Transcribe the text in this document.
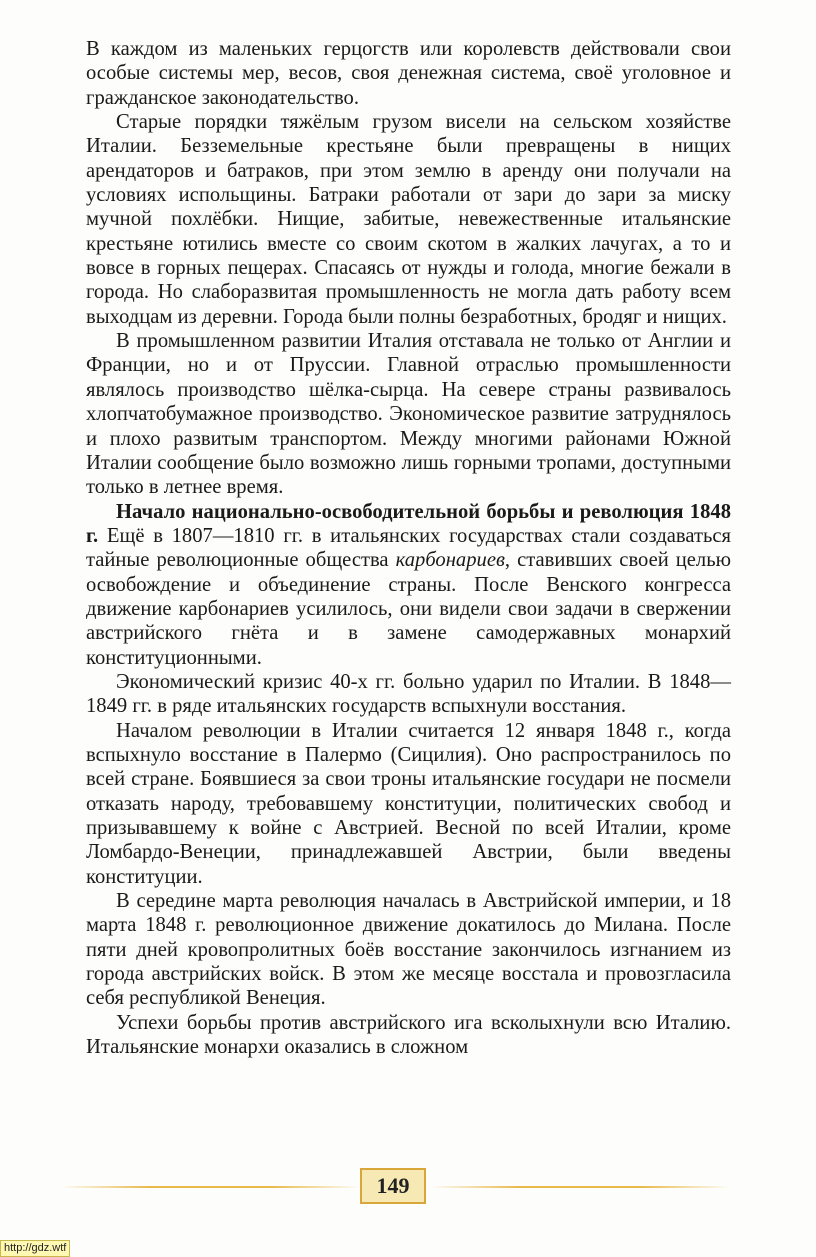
В каждом из маленьких герцогств или королевств действовали свои особые системы мер, весов, своя денежная система, своё уголовное и гражданское законодательство.

Старые порядки тяжёлым грузом висели на сельском хозяйстве Италии. Безземельные крестьяне были превращены в нищих арендаторов и батраков, при этом землю в аренду они получали на условиях испольщины. Батраки работали от зари до зари за миску мучной похлёбки. Нищие, забитые, невежественные итальянские крестьяне ютились вместе со своим скотом в жалких лачугах, а то и вовсе в горных пещерах. Спасаясь от нужды и голода, многие бежали в города. Но слаборазвитая промышленность не могла дать работу всем выходцам из деревни. Города были полны безработных, бродяг и нищих.

В промышленном развитии Италия отставала не только от Англии и Франции, но и от Пруссии. Главной отраслью промышленности являлось производство шёлка-сырца. На севере страны развивалось хлопчатобумажное производство. Экономическое развитие затруднялось и плохо развитым транспортом. Между многими районами Южной Италии сообщение было возможно лишь горными тропами, доступными только в летнее время.

Начало национально-освободительной борьбы и революция 1848 г. Ещё в 1807—1810 гг. в итальянских государствах стали создаваться тайные революционные общества карбонариев, ставивших своей целью освобождение и объединение страны. После Венского конгресса движение карбонариев усилилось, они видели свои задачи в свержении австрийского гнёта и в замене самодержавных монархий конституционными.

Экономический кризис 40-х гг. больно ударил по Италии. В 1848—1849 гг. в ряде итальянских государств вспыхнули восстания.

Началом революции в Италии считается 12 января 1848 г., когда вспыхнуло восстание в Палермо (Сицилия). Оно распространилось по всей стране. Боявшиеся за свои троны итальянские государи не посмели отказать народу, требовавшему конституции, политических свобод и призывавшему к войне с Австрией. Весной по всей Италии, кроме Ломбардо-Венеции, принадлежавшей Австрии, были введены конституции.

В середине марта революция началась в Австрийской империи, и 18 марта 1848 г. революционное движение докатилось до Милана. После пяти дней кровопролитных боёв восстание закончилось изгнанием из города австрийских войск. В этом же месяце восстала и провозгласила себя республикой Венеция.

Успехи борьбы против австрийского ига всколыхнули всю Италию. Итальянские монархи оказались в сложном

149
http://gdz.wtf
